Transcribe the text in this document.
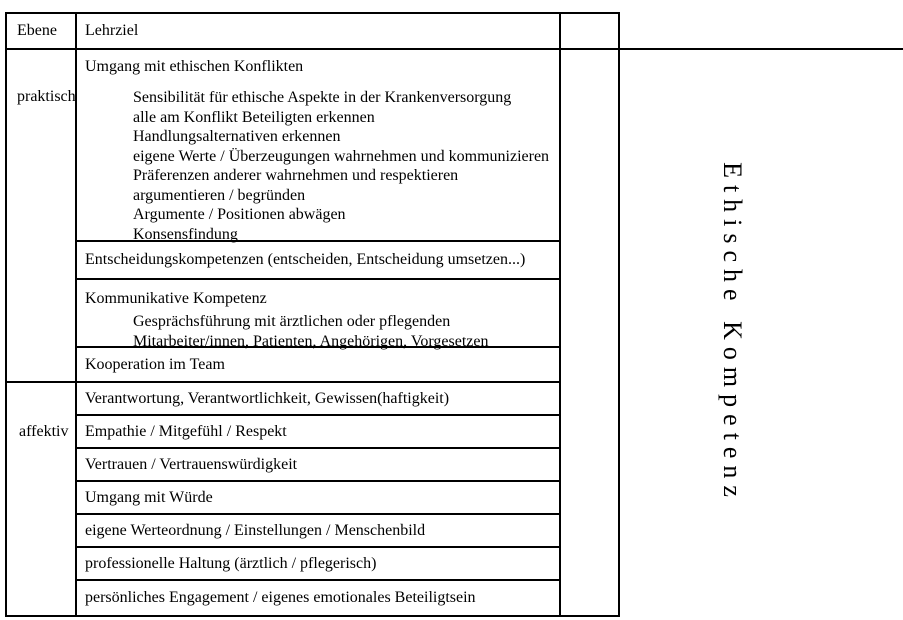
Ebene Lehrziel
praktisch
affektiv
Umgang mit ethischen Konflikten
Sensibilität für ethische Aspekte in der Krankenversorgung
alle am Konflikt Beteiligten erkennen
Handlungsalternativen erkennen
eigene Werte / Überzeugungen wahrnehmen und kommunizieren
Präferenzen anderer wahrnehmen und respektieren
argumentieren / begründen
Argumente / Positionen abwägen
Konsensfindung
Entscheidungskompetenzen (entscheiden, Entscheidung umsetzen...)
Kommunikative Kompetenz
Gesprächsführung mit ärztlichen oder pflegenden
Mitarbeiter/innen, Patienten, Angehörigen, Vorgesetzen
Kooperation im Team
Verantwortung, Verantwortlichkeit, Gewissen(haftigkeit)
Empathie / Mitgefühl / Respekt
Vertrauen / Vertrauenswürdigkeit
Umgang mit Würde
eigene Werteordnung / Einstellungen / Menschenbild
professionelle Haltung (ärztlich / pflegerisch)
persönliches Engagement / eigenes emotionales Beteiligtsein
Ethische Kompetenz
